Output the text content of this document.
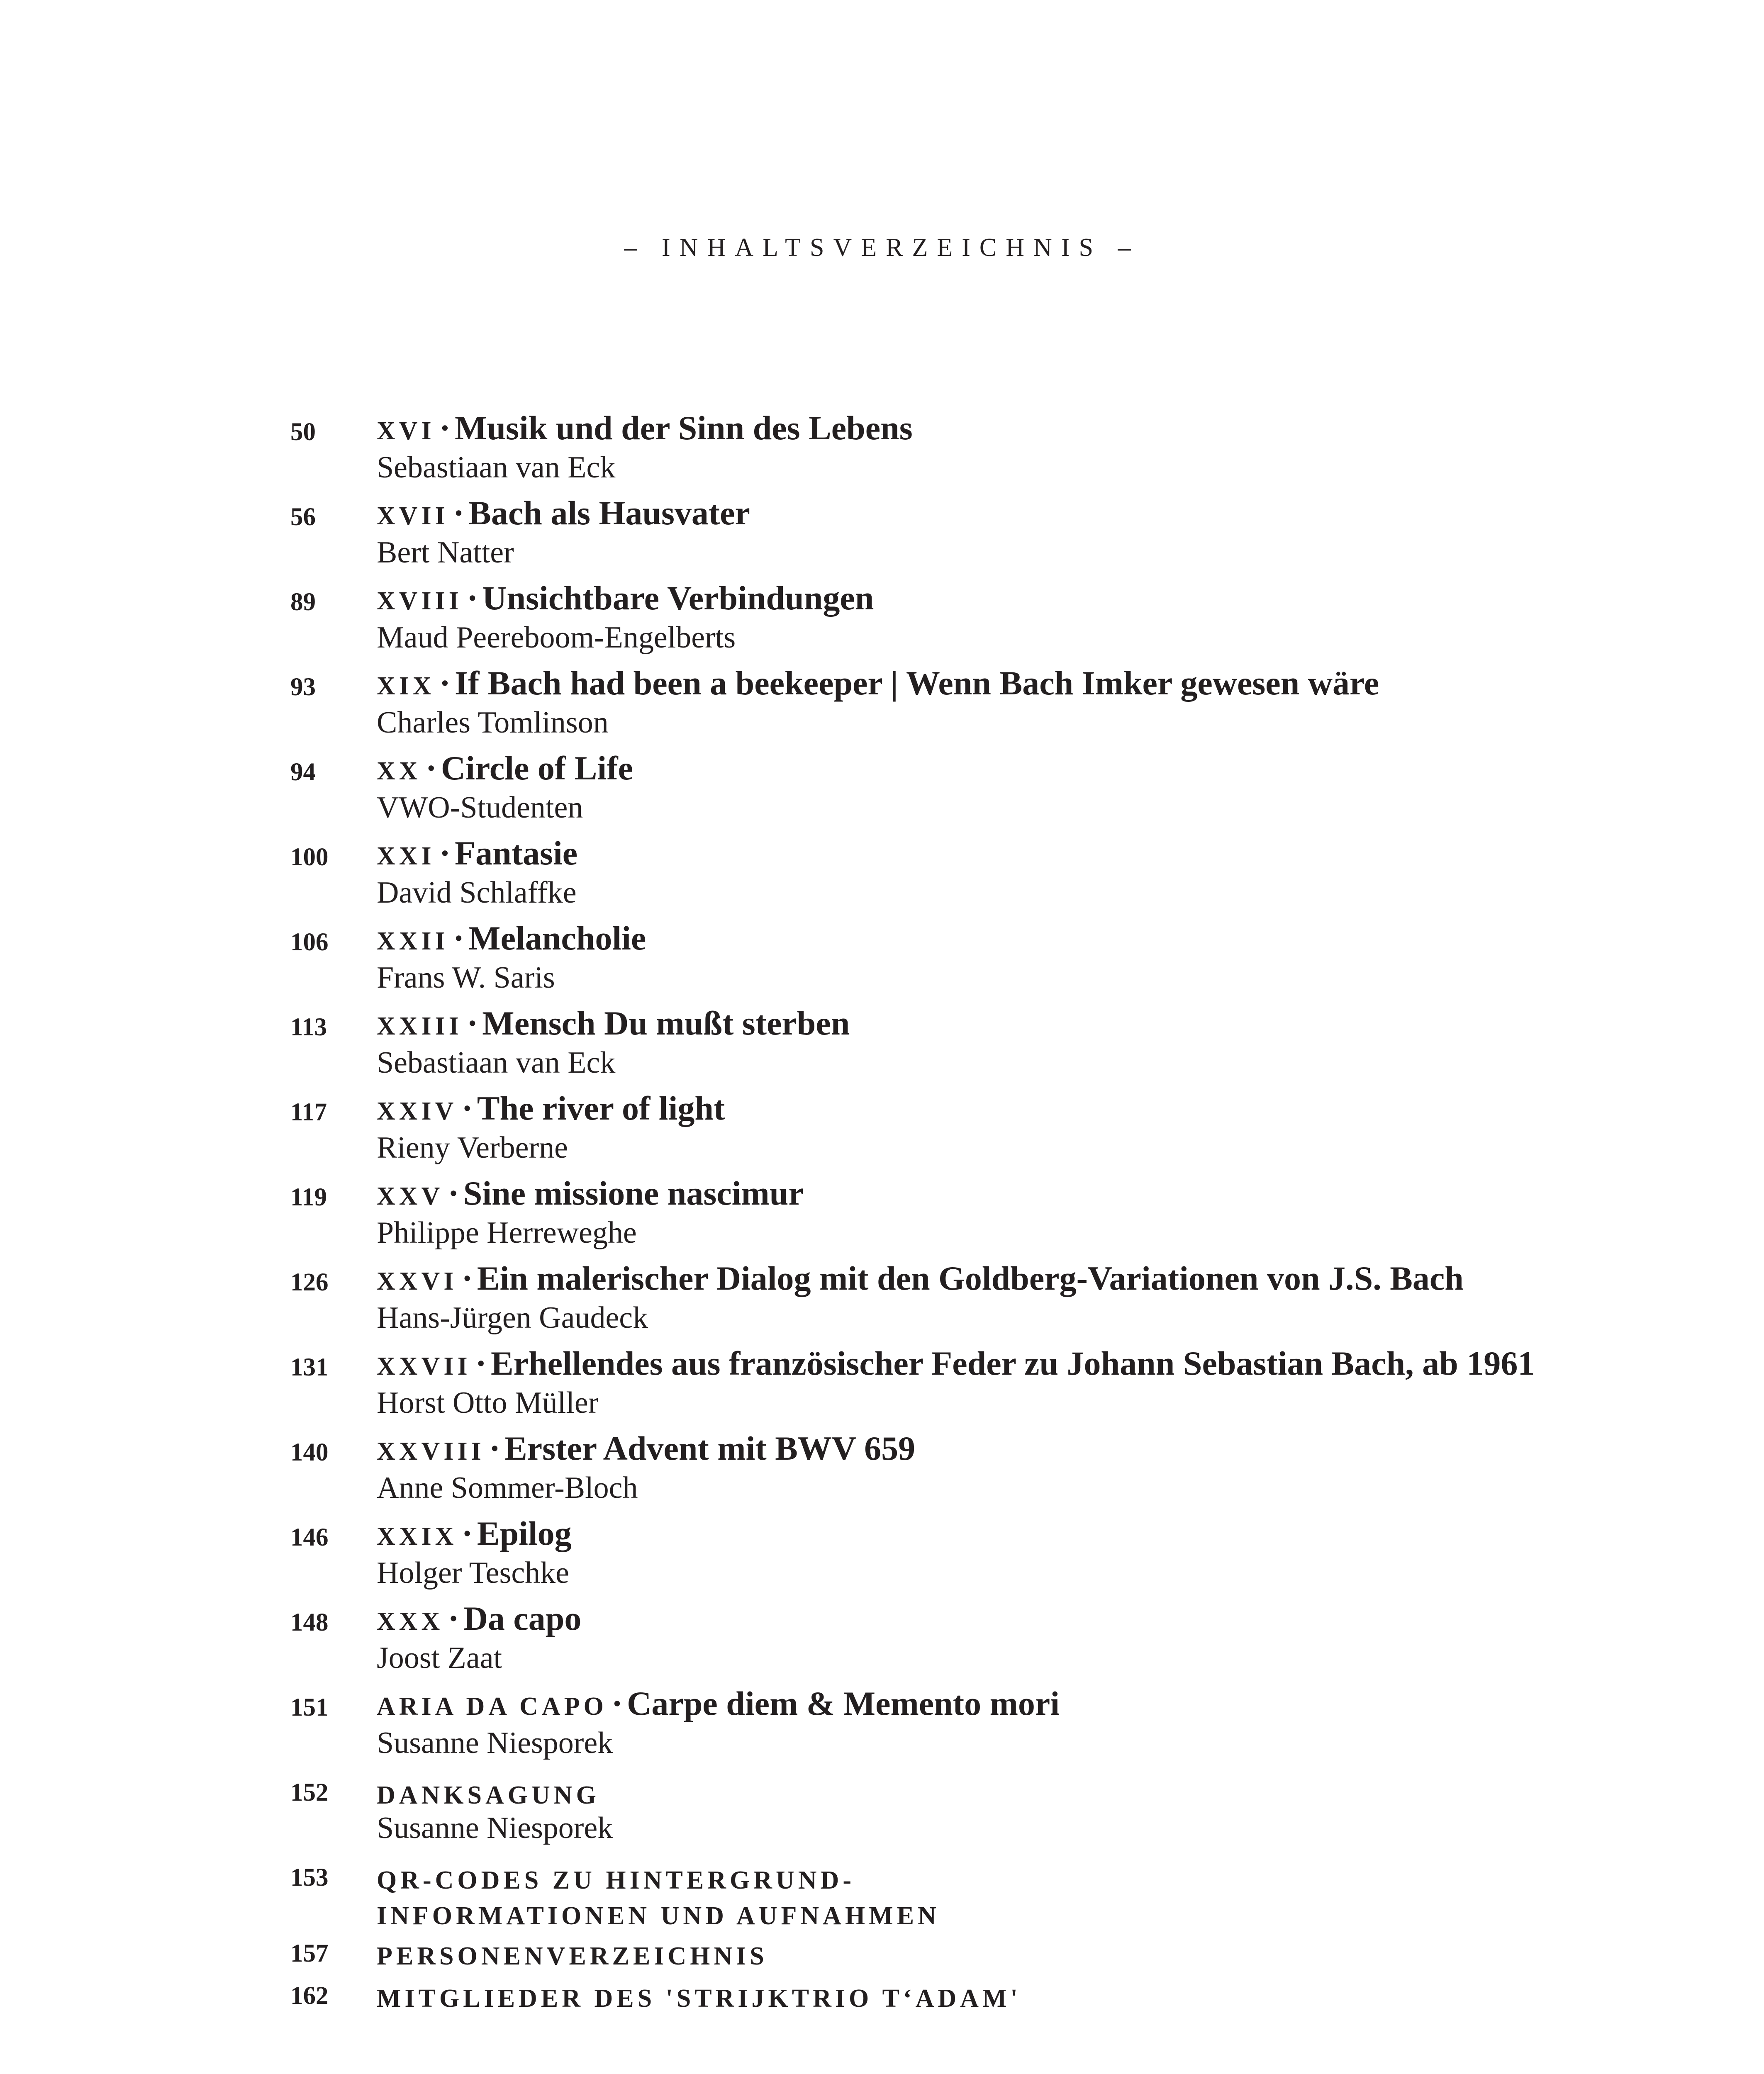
– INHALTSVERZEICHNIS –
50	XVI · Musik und der Sinn des Lebens
Sebastiaan van Eck
56	XVII · Bach als Hausvater
Bert Natter
89	XVIII · Unsichtbare Verbindungen
Maud Peereboom-Engelberts
93	XIX · If Bach had been a beekeeper | Wenn Bach Imker gewesen wäre
Charles Tomlinson
94	XX · Circle of Life
VWO-Studenten
100	XXI · Fantasie
David Schlaffke
106	XXII · Melancholie
Frans W. Saris
113	XXIII · Mensch Du mußt sterben
Sebastiaan van Eck
117	XXIV · The river of light
Rieny Verberne
119	XXV · Sine missione nascimur
Philippe Herreweghe
126	XXVI · Ein malerischer Dialog mit den Goldberg-Variationen von J.S. Bach
Hans-Jürgen Gaudeck
131	XXVII · Erhellendes aus französischer Feder zu Johann Sebastian Bach, ab 1961
Horst Otto Müller
140	XXVIII · Erster Advent mit BWV 659
Anne Sommer-Bloch
146	XXIX · Epilog
Holger Teschke
148	XXX · Da capo
Joost Zaat
151	ARIA DA CAPO · Carpe diem & Memento mori
Susanne Niesporek
152	DANKSAGUNG
Susanne Niesporek
153	QR-CODES ZU HINTERGRUND-
INFORMATIONEN UND AUFNAHMEN
157	PERSONENVERZEICHNIS
162	MITGLIEDER DES 'STRIJKTRIO T‘ADAM'
